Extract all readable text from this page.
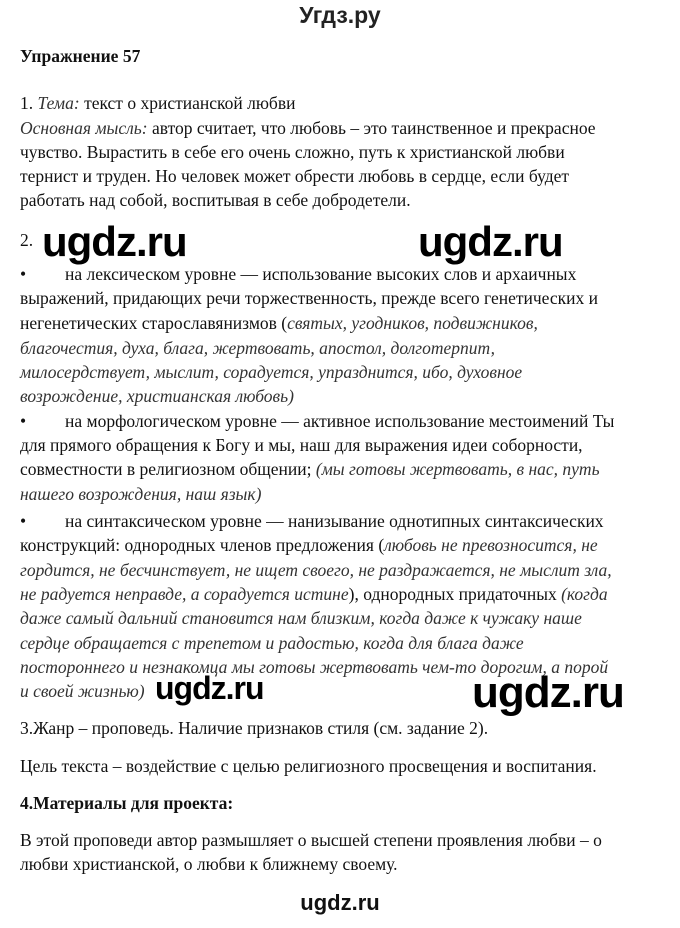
Угдз.ру
Упражнение 57
1. Тема: текст о христианской любви
Основная мысль: автор считает, что любовь – это таинственное и прекрасное
чувство. Вырастить в себе его очень сложно, путь к христианской любви
тернист и труден. Но человек может обрести любовь в сердце, если будет
работать над собой, воспитывая в себе добродетели.
2.
• на лексическом уровне — использование высоких слов и архаичных
выражений, придающих речи торжественность, прежде всего генетических и
негенетических старославянизмов (святых, угодников, подвижников,
благочестия, духа, блага, жертвовать, апостол, долготерпит,
милосердствует, мыслит, сорадуется, упразднится, ибо, духовное
возрождение, христианская любовь)
• на морфологическом уровне — активное использование местоимений Ты
для прямого обращения к Богу и мы, наш для выражения идеи соборности,
совместности в религиозном общении; (мы готовы жертвовать, в нас, путь
нашего возрождения, наш язык)
• на синтаксическом уровне — нанизывание однотипных синтаксических
конструкций: однородных членов предложения (любовь не превозносится, не
гордится, не бесчинствует, не ищет своего, не раздражается, не мыслит зла,
не радуется неправде, а сорадуется истине), однородных придаточных (когда
даже самый дальний становится нам близким, когда даже к чужаку наше
сердце обращается с трепетом и радостью, когда для блага даже
постороннего и незнакомца мы готовы жертвовать чем-то дорогим, а порой
и своей жизнью)
3.Жанр – проповедь. Наличие признаков стиля (см. задание 2).
Цель текста – воздействие с целью религиозного просвещения и воспитания.
4.Материалы для проекта:
В этой проповеди автор размышляет о высшей степени проявления любви – о
любви христианской, о любви к ближнему своему.
ugdz.ru	ugdz.ru
ugdz.ru	ugdz.ru
ugdz.ru
